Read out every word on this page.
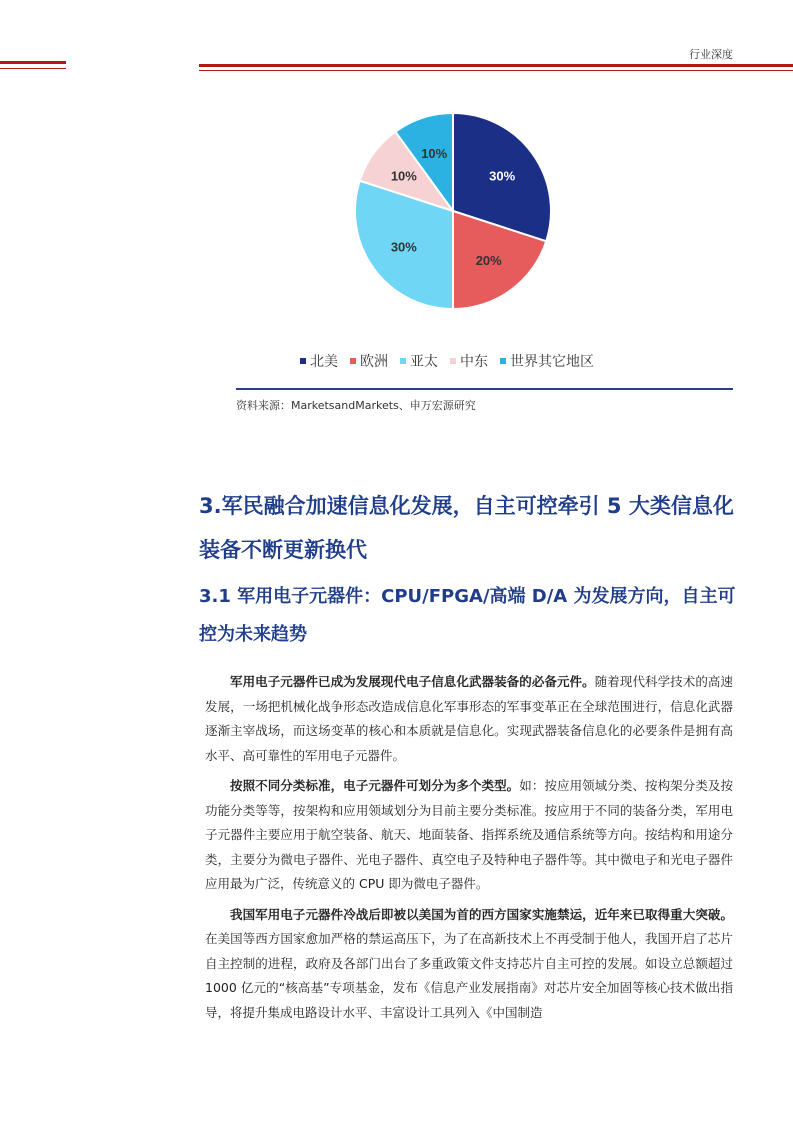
行业深度
30%
20%
30%
10%
10%
北美 欧洲 亚太 中东 世界其它地区
资料来源：MarketsandMarkets、申万宏源研究
3.军民融合加速信息化发展，自主可控牵引 5 大类信息化装备不断更新换代
3.1 军用电子元器件：CPU/FPGA/高端 D/A 为发展方向，自主可控为未来趋势

军用电子元器件已成为发展现代电子信息化武器装备的必备元件。随着现代科学技术的高速发展，一场把机械化战争形态改造成信息化军事形态的军事变革正在全球范围进行，信息化武器逐渐主宰战场，而这场变革的核心和本质就是信息化。实现武器装备信息化的必要条件是拥有高水平、高可靠性的军用电子元器件。

按照不同分类标准，电子元器件可划分为多个类型。如：按应用领域分类、按构架分类及按功能分类等等，按架构和应用领域划分为目前主要分类标准。按应用于不同的装备分类，军用电子元器件主要应用于航空装备、航天、地面装备、指挥系统及通信系统等方向。按结构和用途分类，主要分为微电子器件、光电子器件、真空电子及特种电子器件等。其中微电子和光电子器件应用最为广泛，传统意义的 CPU 即为微电子器件。

我国军用电子元器件冷战后即被以美国为首的西方国家实施禁运，近年来已取得重大突破。在美国等西方国家愈加严格的禁运高压下，为了在高新技术上不再受制于他人，我国开启了芯片自主控制的进程，政府及各部门出台了多重政策文件支持芯片自主可控的发展。如设立总额超过 1000 亿元的“核高基”专项基金，发布《信息产业发展指南》对芯片安全加固等核心技术做出指导，将提升集成电路设计水平、丰富设计工具列入《中国制造
